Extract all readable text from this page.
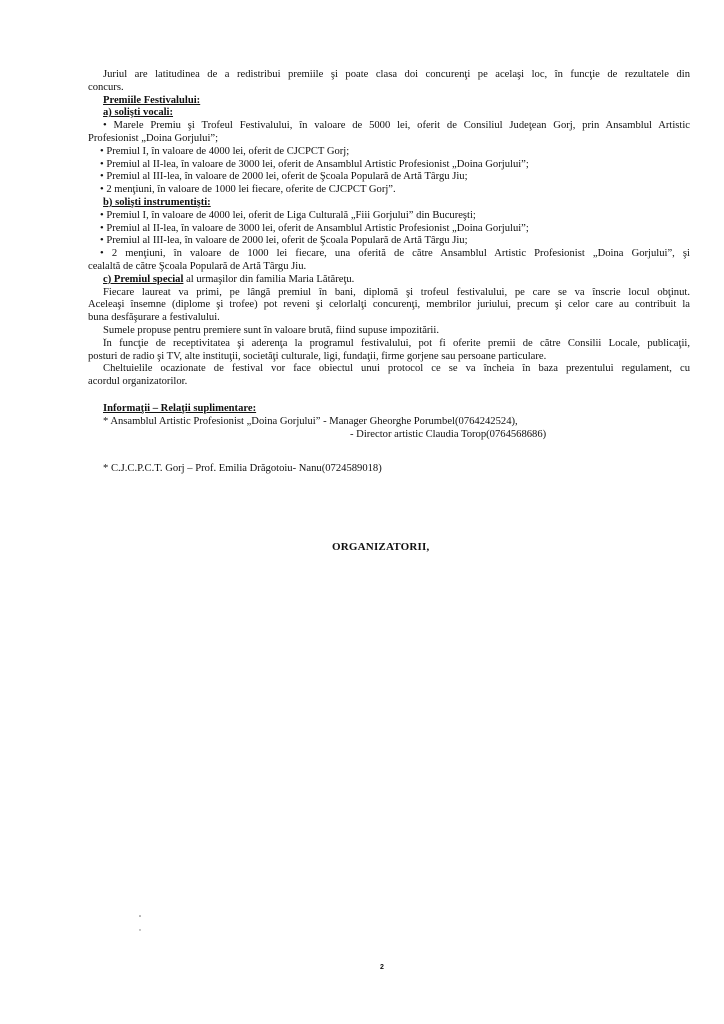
Juriul are latitudinea de a redistribui premiile şi poate clasa doi concurenţi pe acelaşi loc, în funcţie de rezultatele din
concurs.
Premiile Festivalului:
a) solişti vocali:
• Marele Premiu şi Trofeul Festivalului, în valoare de 5000 lei, oferit de Consiliul Judeţean Gorj, prin Ansamblul Artistic
Profesionist „Doina Gorjului”;
• Premiul I, în valoare de 4000 lei, oferit de CJCPCT Gorj;
• Premiul al II-lea, în valoare de 3000 lei, oferit de Ansamblul Artistic Profesionist „Doina Gorjului”;
• Premiul al III-lea, în valoare de 2000 lei, oferit de Şcoala Populară de Artă Târgu Jiu;
• 2 menţiuni, în valoare de 1000 lei fiecare, oferite de CJCPCT Gorj”.
b) solişti instrumentişti:
• Premiul I, în valoare de 4000 lei, oferit de Liga Culturală „Fiii Gorjului” din Bucureşti;
• Premiul al II-lea, în valoare de 3000 lei, oferit de Ansamblul Artistic Profesionist „Doina Gorjului”;
• Premiul al III-lea, în valoare de 2000 lei, oferit de Şcoala Populară de Artă Târgu Jiu;
• 2 menţiuni, în valoare de 1000 lei fiecare, una oferită de către Ansamblul Artistic Profesionist „Doina Gorjului”, şi
cealaltă de către Şcoala Populară de Artă Târgu Jiu.
c) Premiul special al urmaşilor din familia Maria Lătăreţu.
Fiecare laureat va primi, pe lângă premiul în bani, diplomă şi trofeul festivalului, pe care se va înscrie locul obţinut.
Aceleaşi însemne (diplome şi trofee) pot reveni şi celorlalţi concurenţi, membrilor juriului, precum şi celor care au contribuit la
buna desfăşurare a festivalului.
Sumele propuse pentru premiere sunt în valoare brută, fiind supuse impozitării.
În funcţie de receptivitatea şi aderenţa la programul festivalului, pot fi oferite premii de către Consilii Locale, publicaţii,
posturi de radio şi TV, alte instituţii, societăţi culturale, ligi, fundaţii, firme gorjene sau persoane particulare.
Cheltuielile ocazionate de festival vor face obiectul unui protocol ce se va încheia în baza prezentului regulament, cu
acordul organizatorilor.
Informaţii – Relaţii suplimentare:
* Ansamblul Artistic Profesionist „Doina Gorjului” - Manager Gheorghe Porumbel(0764242524),
- Director artistic Claudia Torop(0764568686)
* C.J.C.P.C.T. Gorj – Prof. Emilia Drăgotoiu- Nanu(0724589018)
ORGANIZATORII,
2
